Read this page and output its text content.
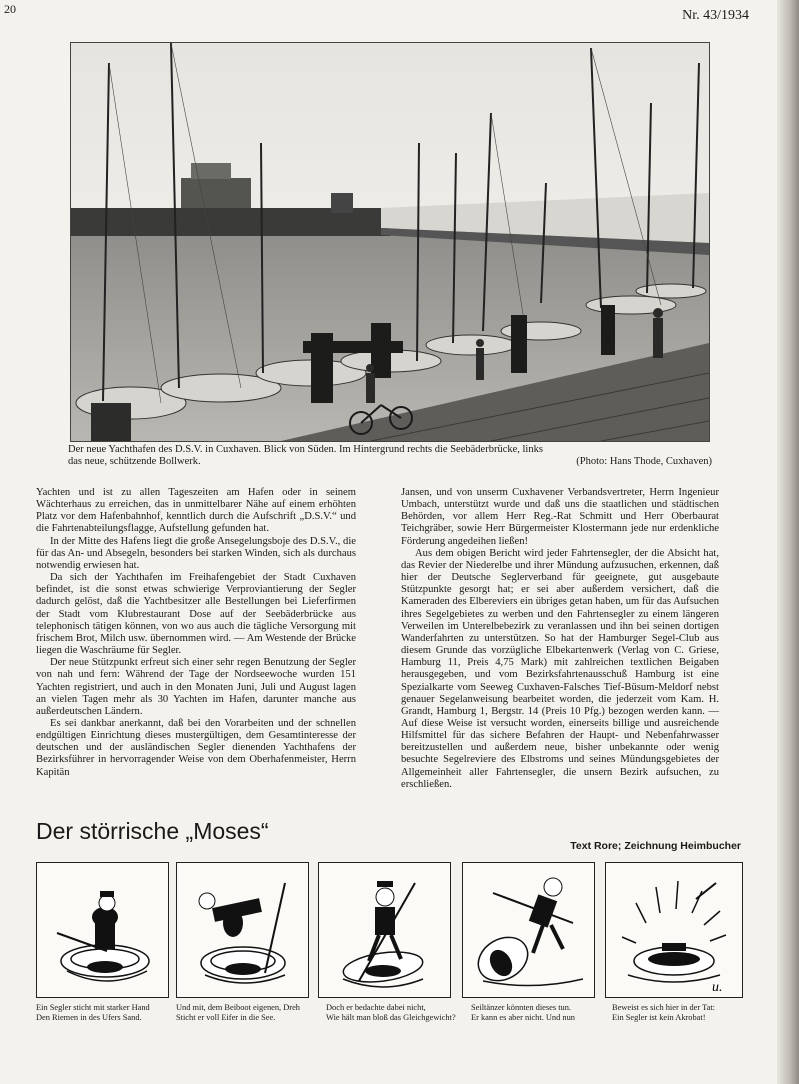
20	Nr. 43/1934
Der neue Yachthafen des D.S.V. in Cuxhaven. Blick von Süden. Im Hintergrund rechts die Seebäderbrücke, links
das neue, schützende Bollwerk.	(Photo: Hans Thode, Cuxhaven)

Yachten und ist zu allen Tageszeiten am Hafen oder in seinem Wächterhaus zu erreichen, das in unmittelbarer Nähe auf einem erhöhten Platz vor dem Hafenbahnhof, kenntlich durch die Aufschrift „D.S.V.“ und die Fahrtenabteilungsflagge, Aufstellung gefunden hat.

In der Mitte des Hafens liegt die große Ansegelungsboje des D.S.V., die für das An- und Absegeln, besonders bei starken Winden, sich als durchaus notwendig erwiesen hat.

Da sich der Yachthafen im Freihafengebiet der Stadt Cuxhaven befindet, ist die sonst etwas schwierige Verproviantierung der Segler dadurch gelöst, daß die Yachtbesitzer alle Bestellungen bei Lieferfirmen der Stadt vom Klubrestaurant Dose auf der Seebäderbrücke aus telephonisch tätigen können, von wo aus auch die tägliche Versorgung mit frischem Brot, Milch usw. übernommen wird. — Am Westende der Brücke liegen die Waschräume für Segler.

Der neue Stützpunkt erfreut sich einer sehr regen Benutzung der Segler von nah und fern: Während der Tage der Nordseewoche wurden 151 Yachten registriert, und auch in den Monaten Juni, Juli und August lagen an vielen Tagen mehr als 30 Yachten im Hafen, darunter manche aus außerdeutschen Ländern.

Es sei dankbar anerkannt, daß bei den Vorarbeiten und der schnellen endgültigen Einrichtung dieses mustergültigen, dem Gesamtinteresse der deutschen und der ausländischen Segler dienenden Yachthafens der Bezirksführer in hervorragender Weise von dem Oberhafenmeister, Herrn Kapitän

Jansen, und von unserm Cuxhavener Verbandsvertreter, Herrn Ingenieur Umbach, unterstützt wurde und daß uns die staatlichen und städtischen Behörden, vor allem Herr Reg.-Rat Schmitt und Herr Oberbaurat Teichgräber, sowie Herr Bürgermeister Klostermann jede nur erdenkliche Förderung angedeihen ließen!

Aus dem obigen Bericht wird jeder Fahrtensegler, der die Absicht hat, das Revier der Niederelbe und ihrer Mündung aufzusuchen, erkennen, daß hier der Deutsche Seglerverband für geeignete, gut ausgebaute Stützpunkte gesorgt hat; er sei aber außerdem versichert, daß die Kameraden des Elbereviers ein übriges getan haben, um für das Aufsuchen ihres Segelgebietes zu werben und den Fahrtensegler zu einem längeren Verweilen im Unterelbebezirk zu veranlassen und ihn bei seinen dortigen Wanderfahrten zu unterstützen. So hat der Hamburger Segel-Club aus diesem Grunde das vorzügliche Elbekartenwerk (Verlag von C. Griese, Hamburg 11, Preis 4,75 Mark) mit zahlreichen textlichen Beigaben herausgegeben, und vom Bezirksfahrtenausschuß Hamburg ist eine Spezialkarte vom Seeweg Cuxhaven-Falsches Tief-Büsum-Meldorf nebst genauer Segelanweisung bearbeitet worden, die jederzeit vom Kam. H. Grandt, Hamburg 1, Bergstr. 14 (Preis 10 Pfg.) bezogen werden kann. — Auf diese Weise ist versucht worden, einerseits billige und ausreichende Hilfsmittel für das sichere Befahren der Haupt- und Nebenfahrwasser bereitzustellen und außerdem neue, bisher unbekannte oder wenig besuchte Segelreviere des Elbstroms und seines Mündungsgebietes der Allgemeinheit aller Fahrtensegler, die unsern Bezirk aufsuchen, zu erschließen.

Der störrische „Moses“
Text Rore; Zeichnung Heimbucher
u.
Ein Segler sticht mit starker Hand
Den Riemen in des Ufers Sand.
Und mit, dem Beiboot eigenen, Dreh
Sticht er voll Eifer in die See.
Doch er bedachte dabei nicht,
Wie hält man bloß das Gleichgewicht?
Seiltänzer könnten dieses tun.
Er kann es aber nicht. Und nun
Beweist es sich hier in der Tat:
Ein Segler ist kein Akrobat!
